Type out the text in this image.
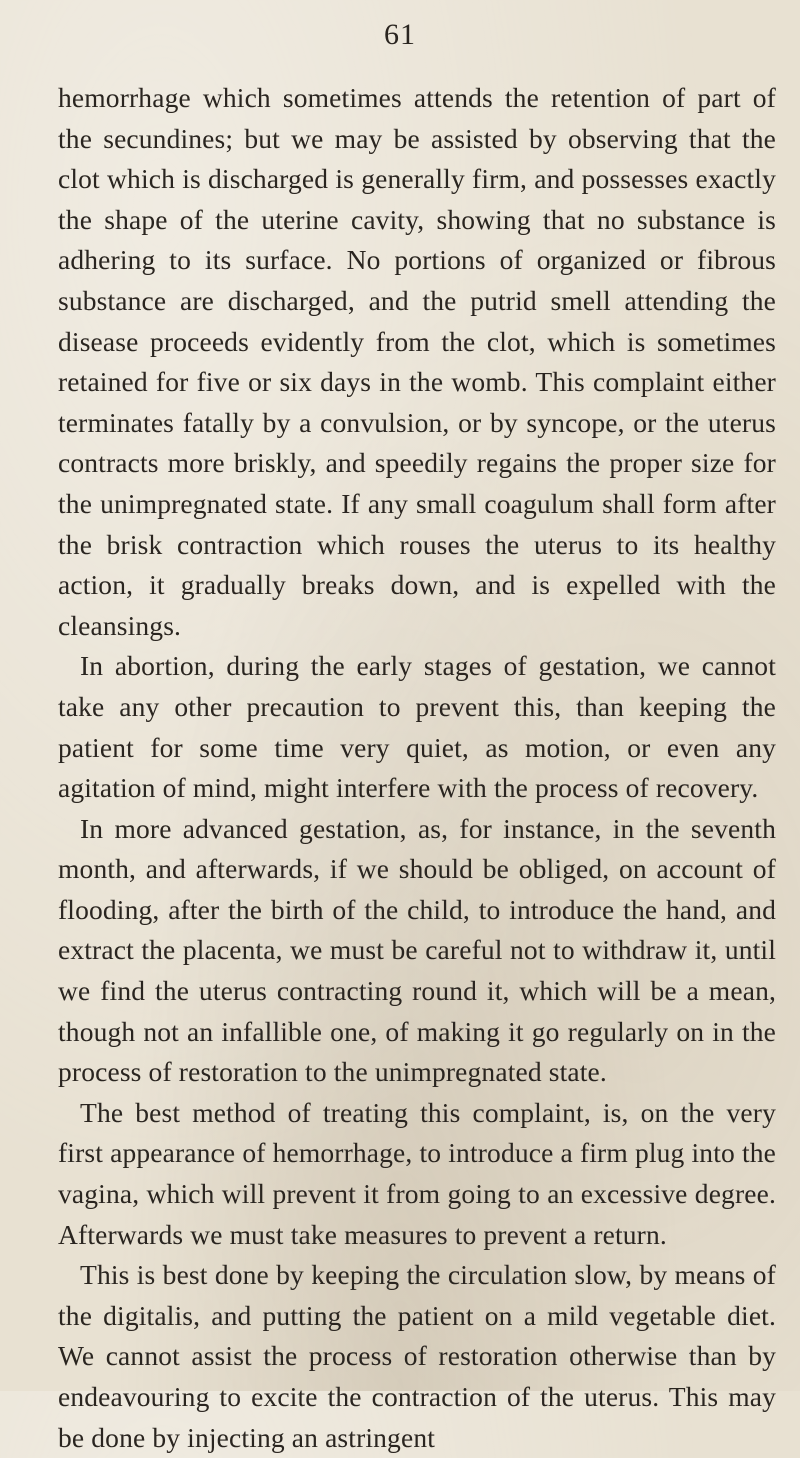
61

hemorrhage which sometimes attends the retention of part of the secundines; but we may be assisted by observing that the clot which is discharged is generally firm, and possesses exactly the shape of the uterine cavity, showing that no substance is adhering to its surface. No portions of organized or fibrous substance are discharged, and the putrid smell attending the disease proceeds evidently from the clot, which is sometimes retained for five or six days in the womb. This complaint either terminates fatally by a convulsion, or by syncope, or the uterus contracts more briskly, and speedily regains the proper size for the unimpregnated state. If any small coagulum shall form after the brisk contraction which rouses the uterus to its healthy action, it gradually breaks down, and is expelled with the cleansings.

In abortion, during the early stages of gestation, we cannot take any other precaution to prevent this, than keeping the patient for some time very quiet, as motion, or even any agitation of mind, might interfere with the process of recovery.

In more advanced gestation, as, for instance, in the seventh month, and afterwards, if we should be obliged, on account of flooding, after the birth of the child, to introduce the hand, and extract the placenta, we must be careful not to withdraw it, until we find the uterus contracting round it, which will be a mean, though not an infallible one, of making it go regularly on in the process of restoration to the unimpregnated state.

The best method of treating this complaint, is, on the very first appearance of hemorrhage, to introduce a firm plug into the vagina, which will prevent it from going to an excessive degree. Afterwards we must take measures to prevent a return.

This is best done by keeping the circulation slow, by means of the digitalis, and putting the patient on a mild vegetable diet. We cannot assist the process of restoration otherwise than by endeavouring to excite the contraction of the uterus. This may be done by injecting an astringent
